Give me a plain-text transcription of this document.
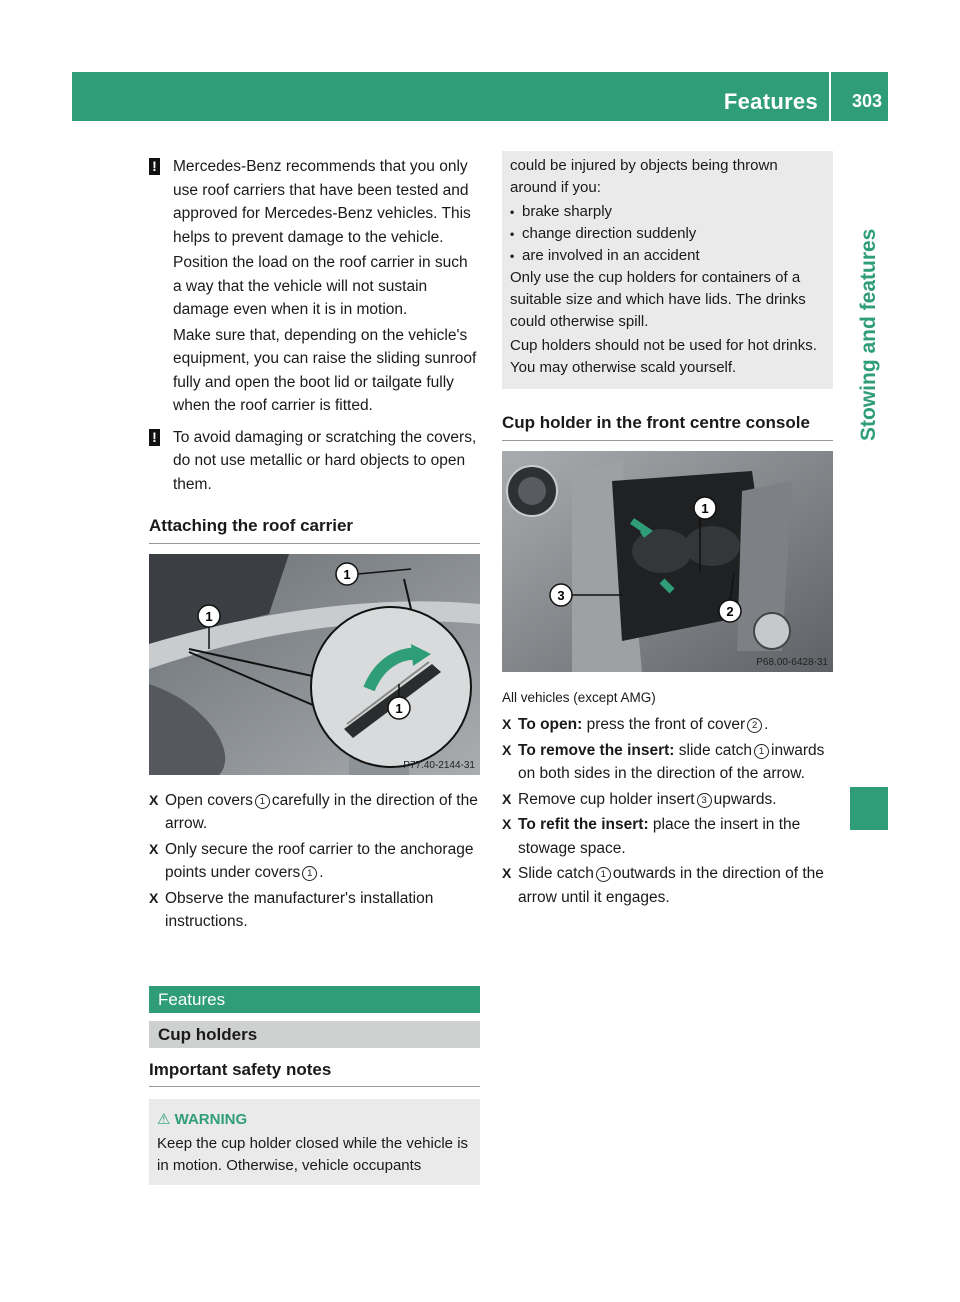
Features 303
Stowing and features
! Mercedes-Benz recommends that you only use roof carriers that have been tested and approved for Mercedes-Benz vehicles. This helps to prevent damage to the vehicle.

Position the load on the roof carrier in such a way that the vehicle will not sustain damage even when it is in motion.

Make sure that, depending on the vehicle's equipment, you can raise the sliding sunroof fully and open the boot lid or tailgate fully when the roof carrier is fitted.

! To avoid damaging or scratching the covers, do not use metallic or hard objects to open them.

Attaching the roof carrier
1
1
1
P77.40-2144-31
X Open covers 1 carefully in the direction of the arrow.
X Only secure the roof carrier to the anchorage points under covers 1 .
X Observe the manufacturer's installation instructions.
Features
Cup holders
Important safety notes
⚠ WARNING
Keep the cup holder closed while the vehicle is in motion. Otherwise, vehicle occupants

could be injured by objects being thrown around if you:

• brake sharply
• change direction suddenly
• are involved in an accident

Only use the cup holders for containers of a suitable size and which have lids. The drinks could otherwise spill.

Cup holders should not be used for hot drinks. You may otherwise scald yourself.

Cup holder in the front centre console
1
2
3
P68.00-6428-31
All vehicles (except AMG)
X To open: press the front of cover 2 .
X To remove the insert: slide catch 1 inwards on both sides in the direction of the arrow.
X Remove cup holder insert 3 upwards.
X To refit the insert: place the insert in the stowage space.
X Slide catch 1 outwards in the direction of the arrow until it engages.
